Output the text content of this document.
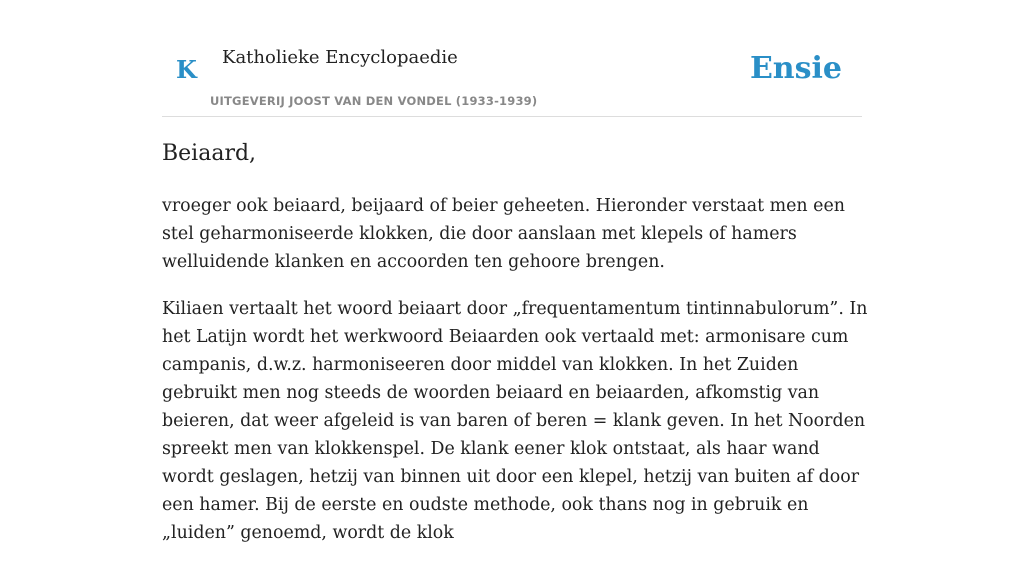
K Katholieke Encyclopaedie
UITGEVERIJ JOOST VAN DEN VONDEL (1933-1939)
Ensie
Beiaard,

vroeger ook beiaard, beijaard of beier geheeten. Hieronder verstaat men een stel geharmoniseerde klokken, die door aanslaan met klepels of hamers welluidende klanken en accoorden ten gehoore brengen.

Kiliaen vertaalt het woord beiaart door „frequentamentum tintinnabulorum”. In het Latijn wordt het werkwoord Beiaarden ook vertaald met: armonisare cum campanis, d.w.z. harmoniseeren door middel van klokken. In het Zuiden gebruikt men nog steeds de woorden beiaard en beiaarden, afkomstig van beieren, dat weer afgeleid is van baren of beren = klank geven. In het Noorden spreekt men van klokkenspel. De klank eener klok ontstaat, als haar wand wordt geslagen, hetzij van binnen uit door een klepel, hetzij van buiten af door een hamer. Bij de eerste en oudste methode, ook thans nog in gebruik en „luiden” genoemd, wordt de klok
